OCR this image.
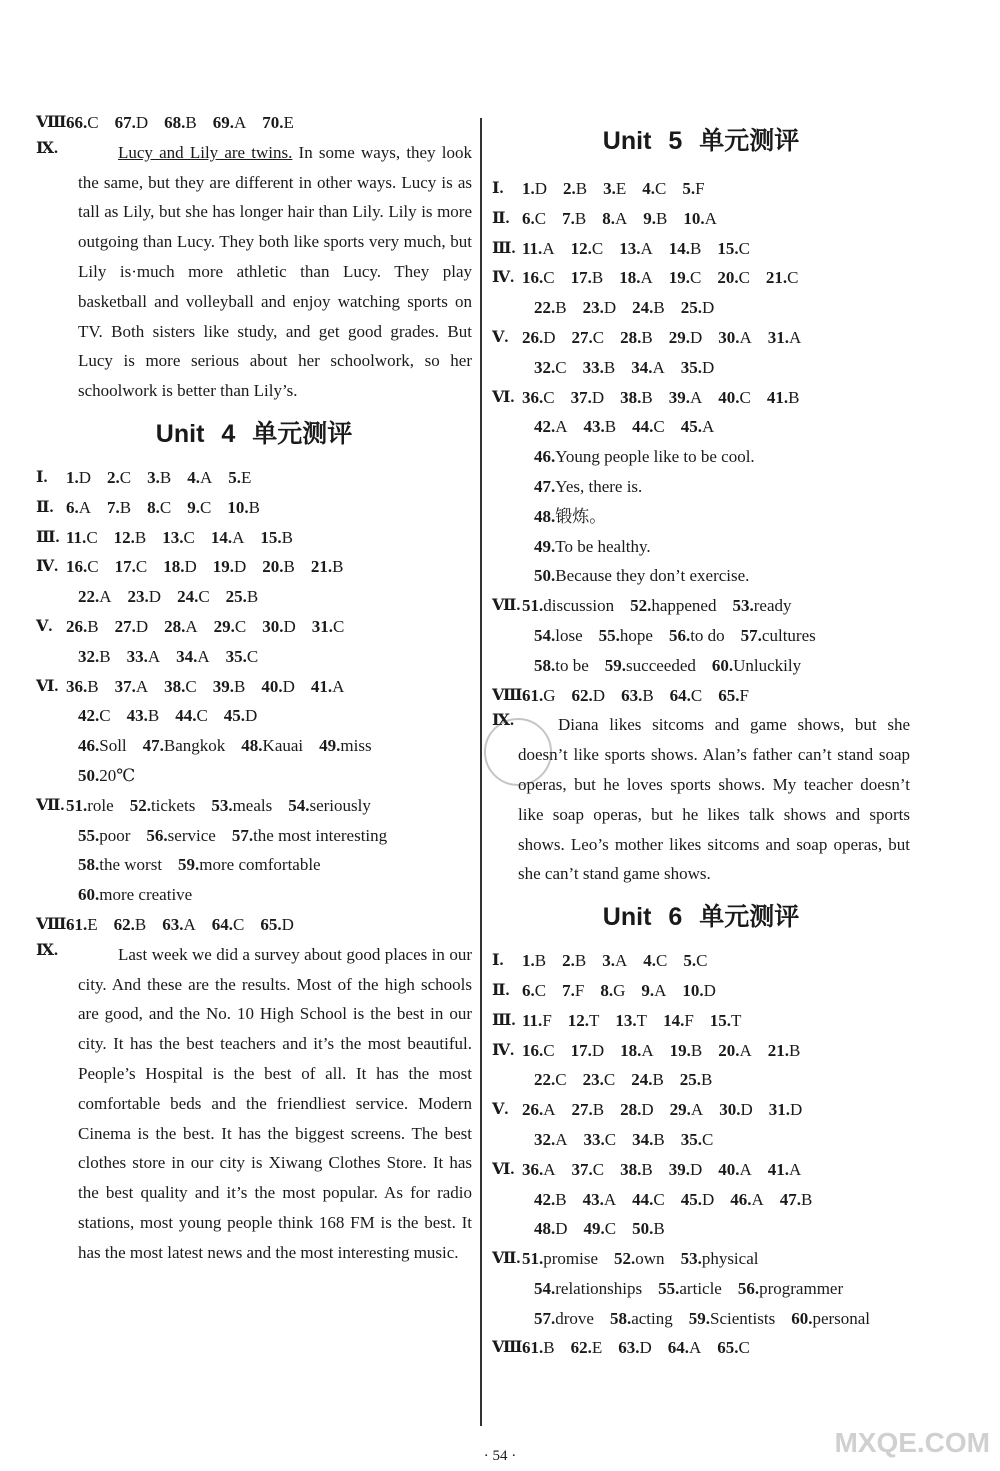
Ⅷ.
66.C 67.D 68.B 69.A 70.E
Ⅸ.	Lucy and Lily are twins. In some ways, they look the same, but they are different in other ways. Lucy is as tall as Lily, but she has longer hair than Lily. Lily is more outgoing than Lucy. They both like sports very much, but Lily is·much more athletic than Lucy. They play basketball and volleyball and enjoy watching sports on TV. Both sisters like study, and get good grades. But Lucy is more serious about her schoolwork, so her schoolwork is better than Lily’s.
Unit 4 单元测评
Ⅰ. 1.D 2.C 3.B 4.A 5.E
Ⅱ. 6.A 7.B 8.C 9.C 10.B
Ⅲ. 11.C 12.B 13.C 14.A 15.B
Ⅳ. 16.C 17.C 18.D 19.D 20.B 21.B
22.A 23.D 24.C 25.B
Ⅴ. 26.B 27.D 28.A 29.C 30.D 31.C
32.B 33.A 34.A 35.C
Ⅵ. 36.B 37.A 38.C 39.B 40.D 41.A
42.C 43.B 44.C 45.D
46.Soll 47.Bangkok 48.Kauai 49.miss
50.20℃
Ⅶ. 51.role 52.tickets 53.meals 54.seriously
55.poor 56.service 57.the most interesting
58.the worst 59.more comfortable
60.more creative
Ⅷ.
61.E 62.B 63.A 64.C 65.D
Ⅸ.	Last week we did a survey about good places in our city. And these are the results. Most of the high schools are good, and the No. 10 High School is the best in our city. It has the best teachers and it’s the most beautiful. People’s Hospital is the best of all. It has the most comfortable beds and the friendliest service. Modern Cinema is the best. It has the biggest screens. The best clothes store in our city is Xiwang Clothes Store. It has the best quality and it’s the most popular. As for radio stations, most young people think 168 FM is the best. It has the most latest news and the most interesting music.
Unit 5 单元测评
Ⅰ. 1.D 2.B 3.E 4.C 5.F
Ⅱ. 6.C 7.B 8.A 9.B 10.A
Ⅲ. 11.A 12.C 13.A 14.B 15.C
Ⅳ. 16.C 17.B 18.A 19.C 20.C 21.C
22.B 23.D 24.B 25.D
Ⅴ. 26.D 27.C 28.B 29.D 30.A 31.A
32.C 33.B 34.A 35.D
Ⅵ. 36.C 37.D 38.B 39.A 40.C 41.B
42.A 43.B 44.C 45.A
46.Young people like to be cool.
47.Yes, there is.
48.锻炼。
49.To be healthy.
50.Because they don’t exercise.
Ⅶ. 51.discussion 52.happened 53.ready
54.lose 55.hope 56.to do 57.cultures
58.to be 59.succeeded 60.Unluckily
Ⅷ.
61.G 62.D 63.B 64.C 65.F
Ⅸ.	Diana likes sitcoms and game shows, but she doesn’t like sports shows. Alan’s father can’t stand soap operas, but he loves sports shows. My teacher doesn’t like soap operas, but he likes talk shows and sports shows. Leo’s mother likes sitcoms and soap operas, but she can’t stand game shows.
Unit 6 单元测评
Ⅰ. 1.B 2.B 3.A 4.C 5.C
Ⅱ. 6.C 7.F 8.G 9.A 10.D
Ⅲ. 11.F 12.T 13.T 14.F 15.T
Ⅳ. 16.C 17.D 18.A 19.B 20.A 21.B
22.C 23.C 24.B 25.B
Ⅴ. 26.A 27.B 28.D 29.A 30.D 31.D
32.A 33.C 34.B 35.C
Ⅵ. 36.A 37.C 38.B 39.D 40.A 41.A
42.B 43.A 44.C 45.D 46.A 47.B
48.D 49.C 50.B
Ⅶ. 51.promise 52.own 53.physical
54.relationships 55.article 56.programmer
57.drove 58.acting 59.Scientists 60.personal
Ⅷ.
61.B 62.E 63.D 64.A 65.C
· 54 ·	MXQE.COM
